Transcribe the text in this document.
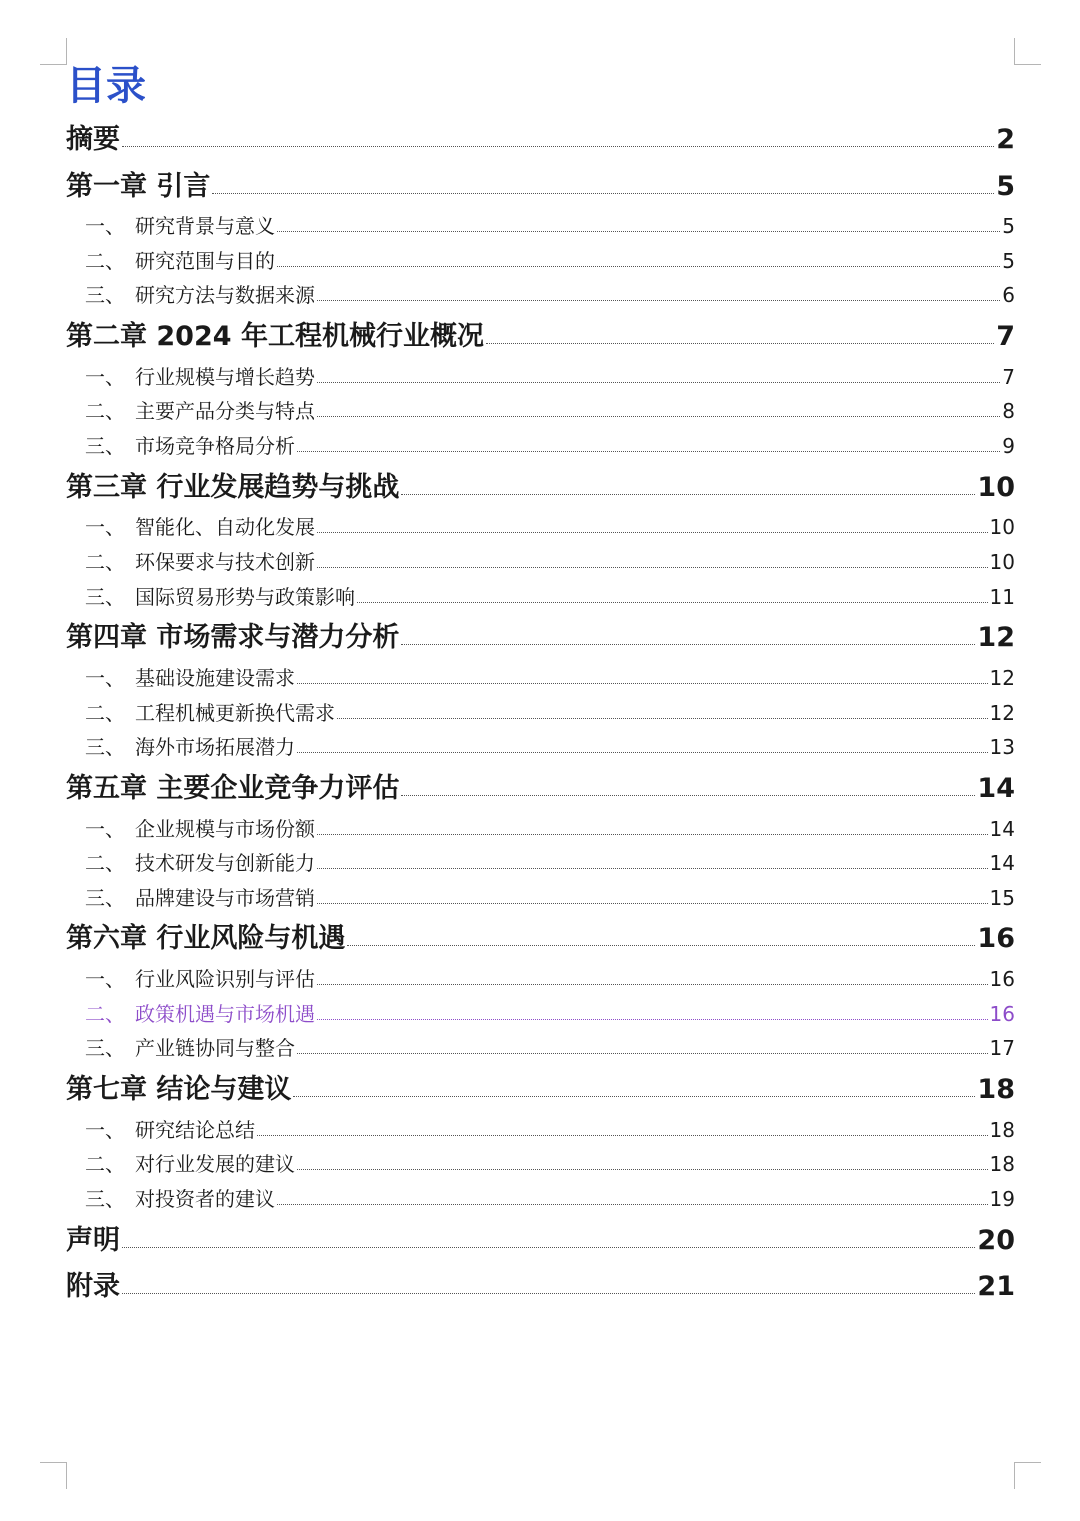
目录
摘要	2
第一章 引言	5
一、 研究背景与意义	5
二、 研究范围与目的	5
三、 研究方法与数据来源	6
第二章 2024 年工程机械行业概况	7
一、 行业规模与增长趋势	7
二、 主要产品分类与特点	8
三、 市场竞争格局分析	9
第三章 行业发展趋势与挑战	10
一、 智能化、自动化发展	10
二、 环保要求与技术创新	10
三、 国际贸易形势与政策影响	11
第四章 市场需求与潜力分析	12
一、 基础设施建设需求	12
二、 工程机械更新换代需求	12
三、 海外市场拓展潜力	13
第五章 主要企业竞争力评估	14
一、 企业规模与市场份额	14
二、 技术研发与创新能力	14
三、 品牌建设与市场营销	15
第六章 行业风险与机遇	16
一、 行业风险识别与评估	16
二、 政策机遇与市场机遇	16
三、 产业链协同与整合	17
第七章 结论与建议	18
一、 研究结论总结	18
二、 对行业发展的建议	18
三、 对投资者的建议	19
声明	20
附录	21
